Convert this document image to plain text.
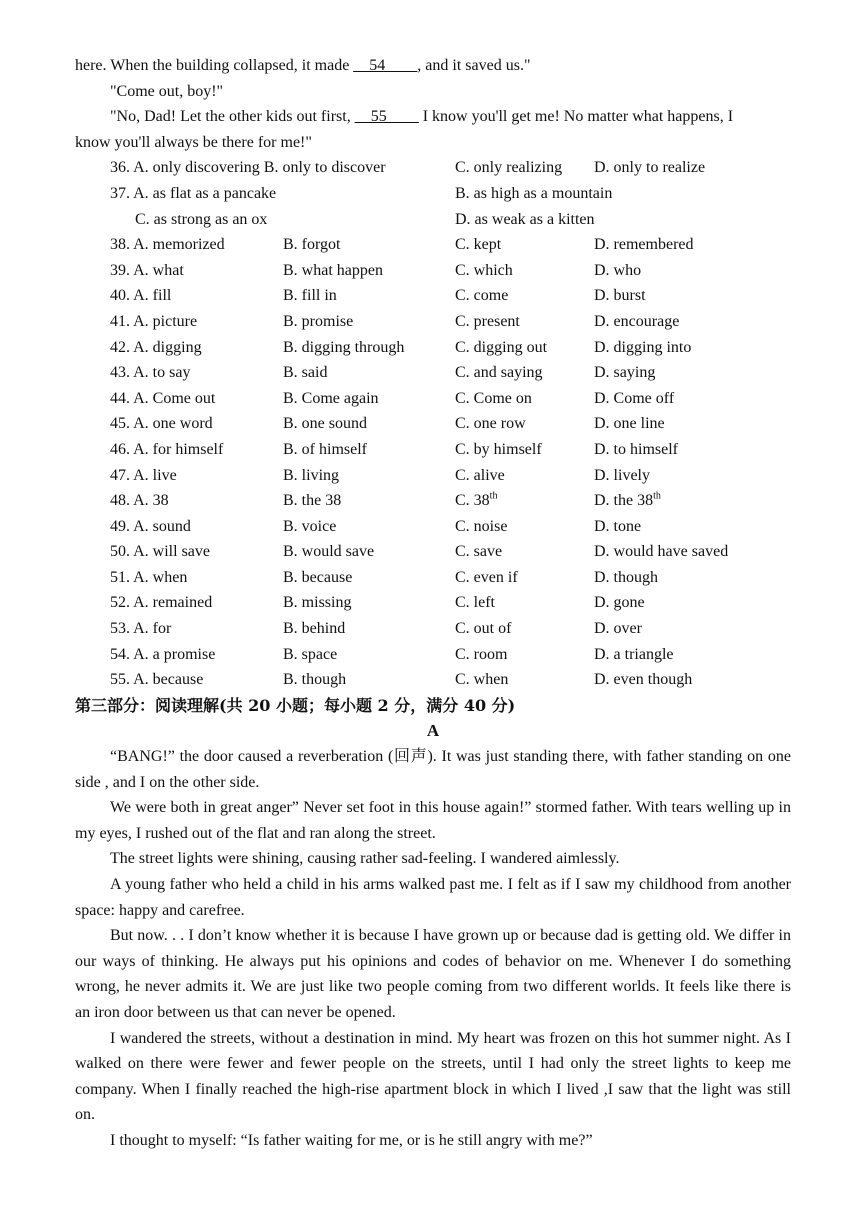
here. When the building collapsed, it made __54____, and it saved us."
"Come out, boy!"
"No, Dad! Let the other kids out first, __55____ I know you'll get me! No matter what happens, I
know you'll always be there for me!"
36. A. only discovering B. only to discover	C. only realizing D. only to realize
37. A. as flat as a pancake	B. as high as a mountain
C. as strong as an ox	D. as weak as a kitten
38. A. memorized	B. forgot	C. kept	D. remembered
39. A. what	B. what happen	C. which	D. who
40. A. fill	B. fill in	C. come	D. burst
41. A. picture	B. promise	C. present	D. encourage
42. A. digging	B. digging through	C. digging out	D. digging into
43. A. to say	B. said	C. and saying	D. saying
44. A. Come out	B. Come again	C. Come on	D. Come off
45. A. one word	B. one sound	C. one row	D. one line
46. A. for himself	B. of himself	C. by himself	D. to himself
47. A. live	B. living	C. alive	D. lively
48. A. 38	B. the 38	C. 38th	D. the 38th
49. A. sound	B. voice	C. noise	D. tone
50. A. will save	B. would save	C. save	D. would have saved
51. A. when	B. because	C. even if	D. though
52. A. remained	B. missing	C. left	D. gone
53. A. for	B. behind	C. out of	D. over
54. A. a promise	B. space	C. room	D. a triangle
55. A. because	B. though	C. when	D. even though
第三部分：阅读理解(共 20 小题；每小题 2 分，满分 40 分)
A

“BANG!” the door caused a reverberation (回声). It was just standing there, with father standing on one side , and I on the other side.

We were both in great anger” Never set foot in this house again!” stormed father. With tears welling up in my eyes, I rushed out of the flat and ran along the street.

The street lights were shining, causing rather sad-feeling. I wandered aimlessly.

A young father who held a child in his arms walked past me. I felt as if I saw my childhood from another space: happy and carefree.

But now. . . I don’t know whether it is because I have grown up or because dad is getting old. We differ in our ways of thinking. He always put his opinions and codes of behavior on me. Whenever I do something wrong, he never admits it. We are just like two people coming from two different worlds. It feels like there is an iron door between us that can never be opened.

I wandered the streets, without a destination in mind. My heart was frozen on this hot summer night. As I walked on there were fewer and fewer people on the streets, until I had only the street lights to keep me company. When I finally reached the high-rise apartment block in which I lived ,I saw that the light was still on.

I thought to myself: “Is father waiting for me, or is he still angry with me?”
